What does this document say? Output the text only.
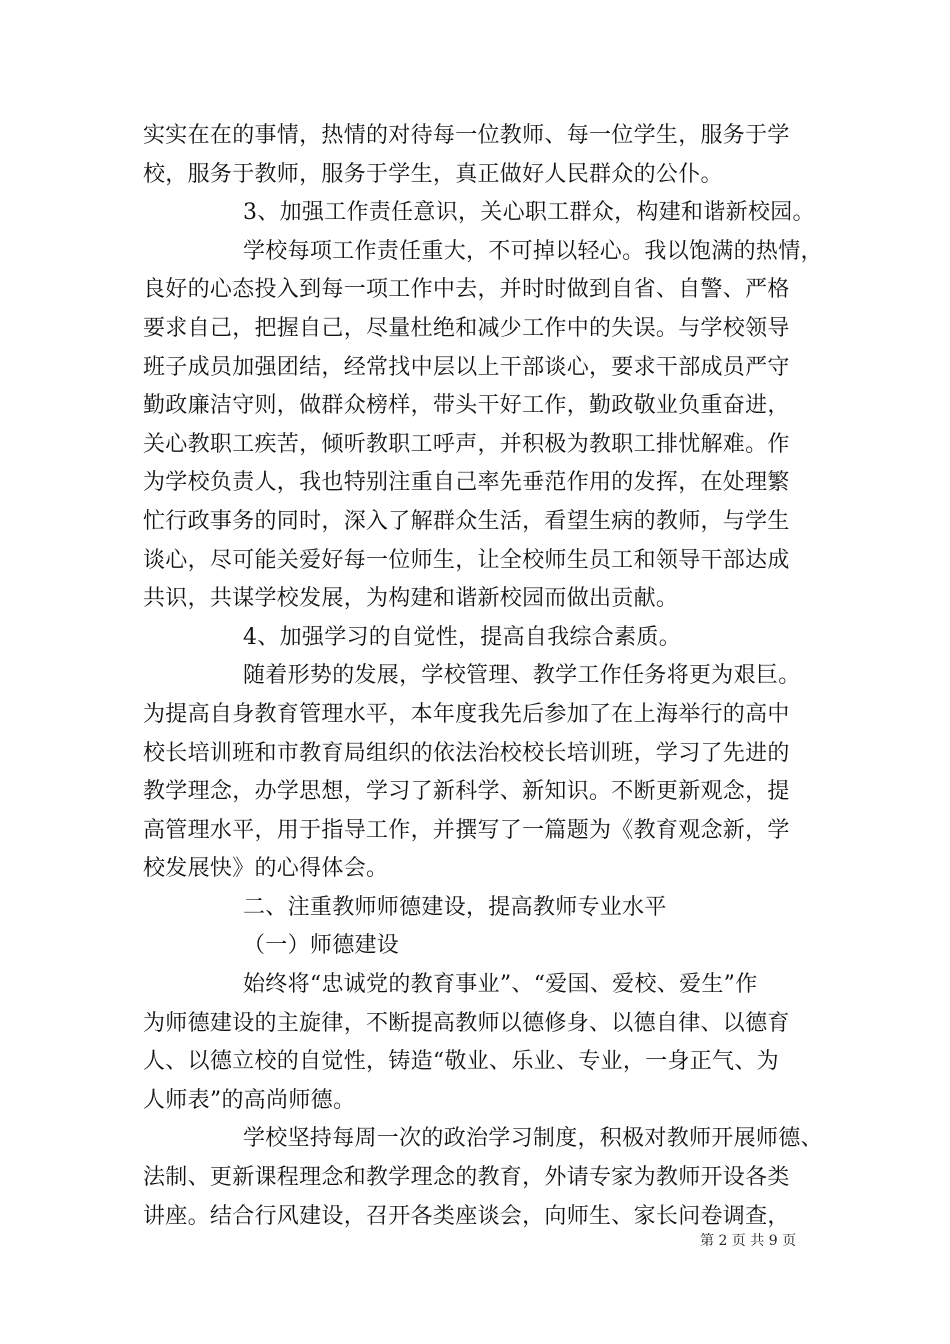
实实在在的事情，热情的对待每一位教师、每一位学生，服务于学
校，服务于教师，服务于学生，真正做好人民群众的公仆。
3、加强工作责任意识，关心职工群众，构建和谐新校园。
学校每项工作责任重大，不可掉以轻心。我以饱满的热情，
良好的心态投入到每一项工作中去，并时时做到自省、自警、严格
要求自己，把握自己，尽量杜绝和减少工作中的失误。与学校领导
班子成员加强团结，经常找中层以上干部谈心，要求干部成员严守
勤政廉洁守则，做群众榜样，带头干好工作，勤政敬业负重奋进，
关心教职工疾苦，倾听教职工呼声，并积极为教职工排忧解难。作
为学校负责人，我也特别注重自己率先垂范作用的发挥，在处理繁
忙行政事务的同时，深入了解群众生活，看望生病的教师，与学生
谈心，尽可能关爱好每一位师生，让全校师生员工和领导干部达成
共识，共谋学校发展，为构建和谐新校园而做出贡献。
4、加强学习的自觉性，提高自我综合素质。
随着形势的发展，学校管理、教学工作任务将更为艰巨。
为提高自身教育管理水平，本年度我先后参加了在上海举行的高中
校长培训班和市教育局组织的依法治校校长培训班，学习了先进的
教学理念，办学思想，学习了新科学、新知识。不断更新观念，提
高管理水平，用于指导工作，并撰写了一篇题为《教育观念新，学
校发展快》的心得体会。
二、注重教师师德建设，提高教师专业水平
（一）师德建设
始终将“忠诚党的教育事业”、“爱国、爱校、爱生”作
为师德建设的主旋律，不断提高教师以德修身、以德自律、以德育
人、以德立校的自觉性，铸造“敬业、乐业、专业，一身正气、为
人师表”的高尚师德。
学校坚持每周一次的政治学习制度，积极对教师开展师德、
法制、更新课程理念和教学理念的教育，外请专家为教师开设各类
讲座。结合行风建设，召开各类座谈会，向师生、家长问卷调查，
第 2 页 共 9 页
